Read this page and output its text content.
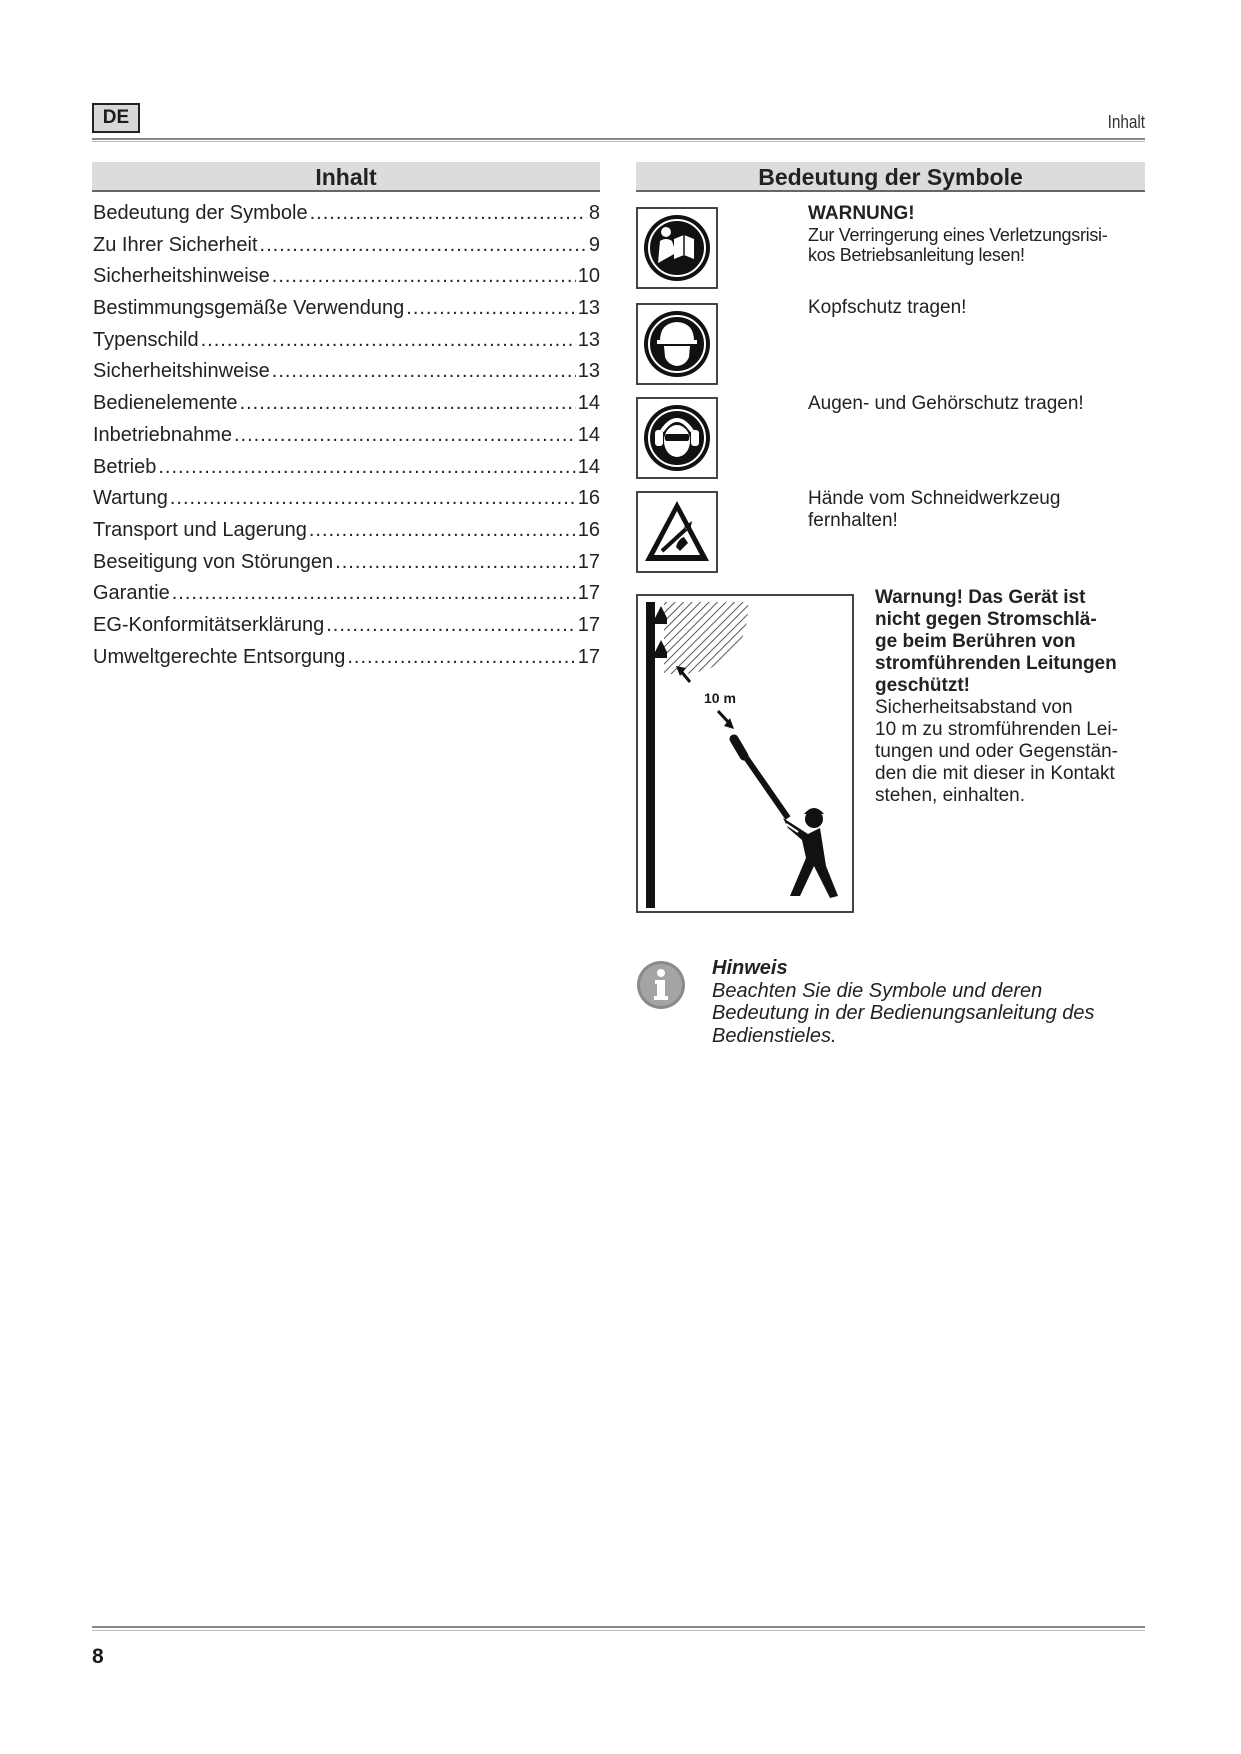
DE	Inhalt
Inhalt
Bedeutung der Symbole .....	8
Zu Ihrer Sicherheit .....	9
Sicherheitshinweise .....	10
Bestimmungsgemäße Verwendung .....	13
Typenschild .....	13
Sicherheitshinweise .....	13
Bedienelemente .....	14
Inbetriebnahme .....	14
Betrieb .....	14
Wartung .....	16
Transport und Lagerung .....	16
Beseitigung von Störungen .....	17
Garantie .....	17
EG-Konformitätserklärung .....	17
Umweltgerechte Entsorgung .....	17
Bedeutung der Symbole
WARNUNG!
Zur Verringerung eines Verletzungsrisi-
kos Betriebsanleitung lesen!
Kopfschutz tragen!
Augen- und Gehörschutz tragen!
Hände vom Schneidwerkzeug
fernhalten!
10 m
Warnung! Das Gerät ist
nicht gegen Stromschlä-
ge beim Berühren von
stromführenden Leitungen
geschützt!
Sicherheitsabstand von
10 m zu stromführenden Lei-
tungen und oder Gegenstän-
den die mit dieser in Kontakt
stehen, einhalten.
Hinweis
Beachten Sie die Symbole und deren
Bedeutung in der Bedienungsanleitung des
Bedienstieles.
8
